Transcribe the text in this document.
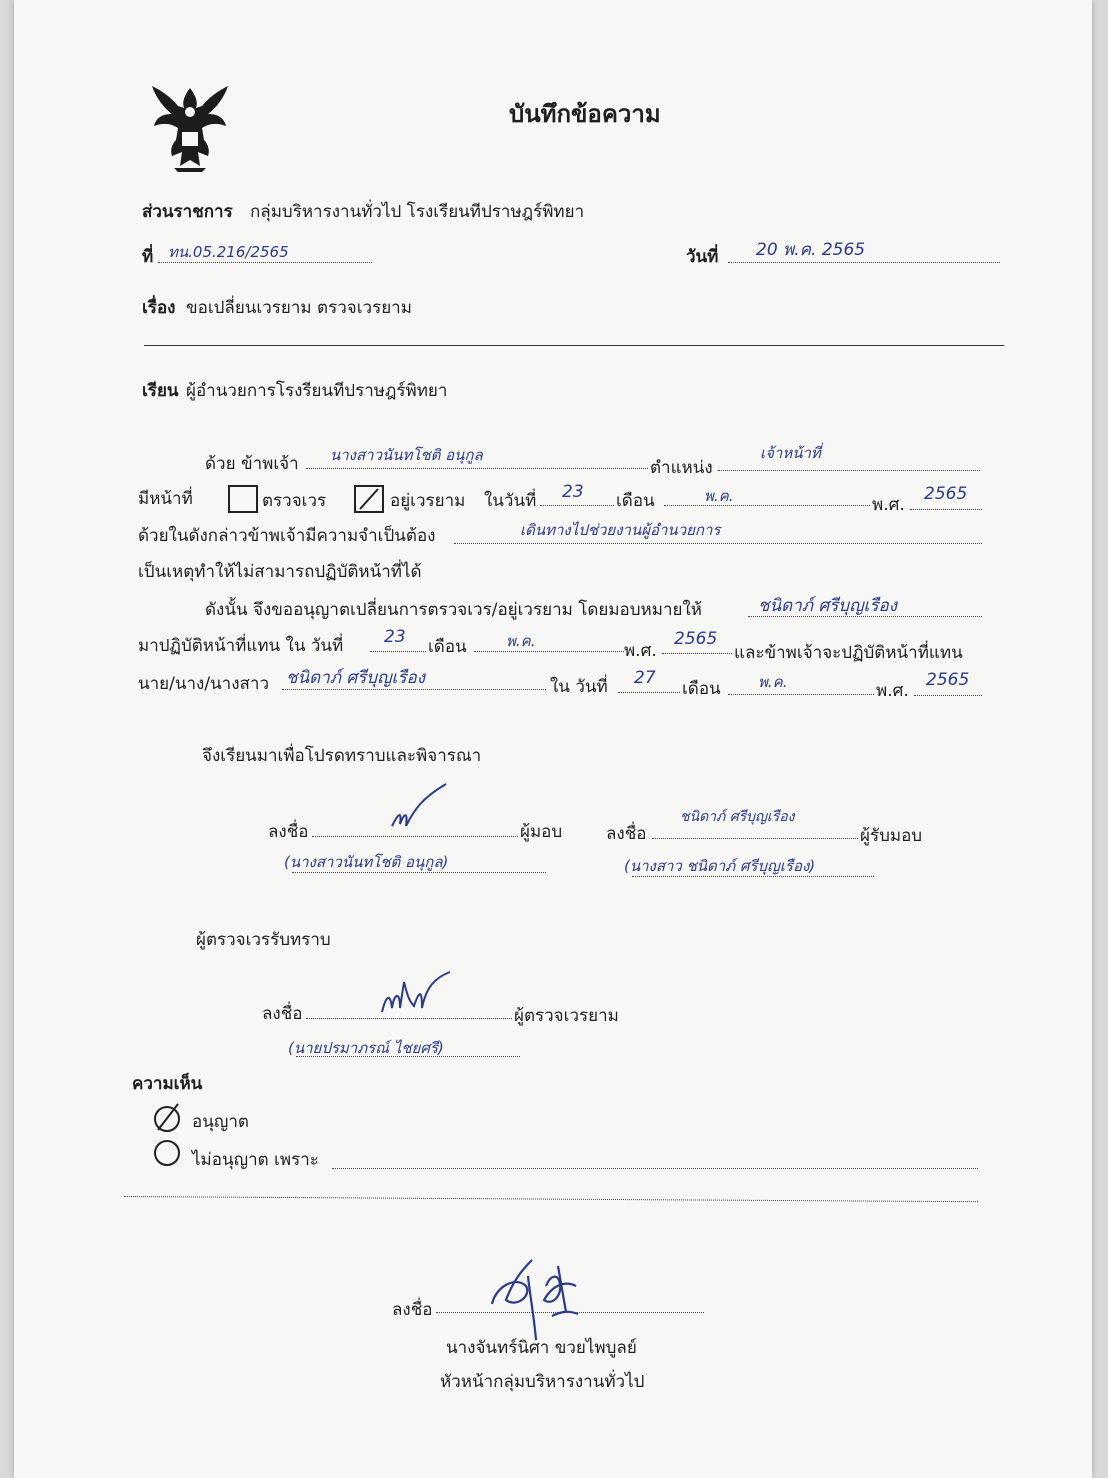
บันทึกข้อความ
ส่วนราชการ กลุ่มบริหารงานทั่วไป โรงเรียนทีปราษฎร์พิทยา
ที่ ทน.05.216/2565	วันที่ 20 พ.ค. 2565
เรื่อง ขอเปลี่ยนเวรยาม ตรวจเวรยาม
เรียน ผู้อำนวยการโรงรียนทีปราษฎร์พิทยา
ด้วย ข้าพเจ้า นางสาวนันทโชติ อนุกูล
ตำแหน่ง
เจ้าหน้าที่
มีหน้าที่	ตรวจเวร	อยู่เวรยาม ในวันที่ 23 เดือน	พ.ค.	พ.ศ.
2565
ด้วยในดังกล่าวข้าพเจ้ามีความจำเป็นต้อง	เดินทางไปช่วยงานผู้อำนวยการ
เป็นเหตุทำให้ไม่สามารถปฏิบัติหน้าที่ได้
ดังนั้น จึงขออนุญาตเปลี่ยนการตรวจเวร/อยู่เวรยาม โดยมอบหมายให้	ชนิดาภ์ ศรีบุญเรือง
มาปฏิบัติหน้าที่แทน ใน วันที่ 23 เดือน	พ.ค.	พ.ศ.
2565
และข้าพเจ้าจะปฏิบัติหน้าที่แทน
นาย/นาง/นางสาว ชนิดาภ์ ศรีบุญเรือง	ใน วันที่ 27
เดือน พ.ค.	พ.ศ.
2565
จึงเรียนมาเพื่อโปรดทราบและพิจารณา
ลงชื่อ	ผู้มอบ
(นางสาวนันทโชติ อนุกูล)
ลงชื่อ
ชนิดาภ์ ศรีบุญเรือง
ผู้รับมอบ
(นางสาว ชนิดาภ์ ศรีบุญเรือง)
ผู้ตรวจเวรรับทราบ
ลงชื่อ	ผู้ตรวจเวรยาม
(นายปรมาภรณ์ ไชยศรี)
ความเห็น
อนุญาต
ไม่อนุญาต เพราะ
ลงชื่อ
นางจันทร์นิศา ขวยไพบูลย์
หัวหน้ากลุ่มบริหารงานทั่วไป
